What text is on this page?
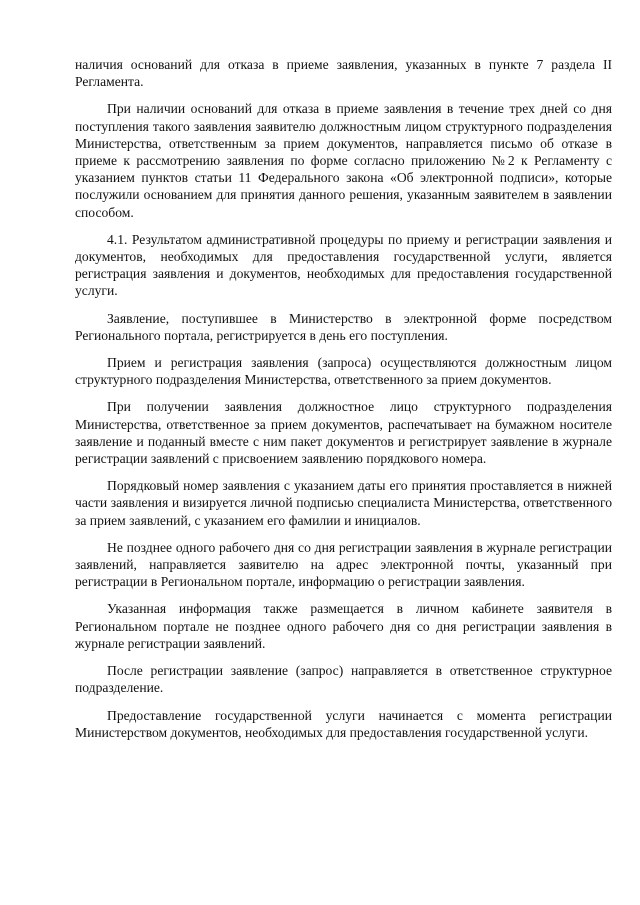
наличия оснований для отказа в приеме заявления, указанных в пункте 7 раздела II Регламента.

При наличии оснований для отказа в приеме заявления в течение трех дней со дня поступления такого заявления заявителю должностным лицом структурного подразделения Министерства, ответственным за прием документов, направляется письмо об отказе в приеме к рассмотрению заявления по форме согласно приложению №2 к Регламенту с указанием пунктов статьи 11 Федерального закона «Об электронной подписи», которые послужили основанием для принятия данного решения, указанным заявителем в заявлении способом.

4.1. Результатом административной процедуры по приему и регистрации заявления и документов, необходимых для предоставления государственной услуги, является регистрация заявления и документов, необходимых для предоставления государственной услуги.

Заявление, поступившее в Министерство в электронной форме посредством Регионального портала, регистрируется в день его поступления.

Прием и регистрация заявления (запроса) осуществляются должностным лицом структурного подразделения Министерства, ответственного за прием документов.

При получении заявления должностное лицо структурного подразделения Министерства, ответственное за прием документов, распечатывает на бумажном носителе заявление и поданный вместе с ним пакет документов и регистрирует заявление в журнале регистрации заявлений с присвоением заявлению порядкового номера.

Порядковый номер заявления с указанием даты его принятия проставляется в нижней части заявления и визируется личной подписью специалиста Министерства, ответственного за прием заявлений, с указанием его фамилии и инициалов.

Не позднее одного рабочего дня со дня регистрации заявления в журнале регистрации заявлений, направляется заявителю на адрес электронной почты, указанный при регистрации в Региональном портале, информацию о регистрации заявления.

Указанная информация также размещается в личном кабинете заявителя в Региональном портале не позднее одного рабочего дня со дня регистрации заявления в журнале регистрации заявлений.

После регистрации заявление (запрос) направляется в ответственное структурное подразделение.

Предоставление государственной услуги начинается с момента регистрации Министерством документов, необходимых для предоставления государственной услуги.
